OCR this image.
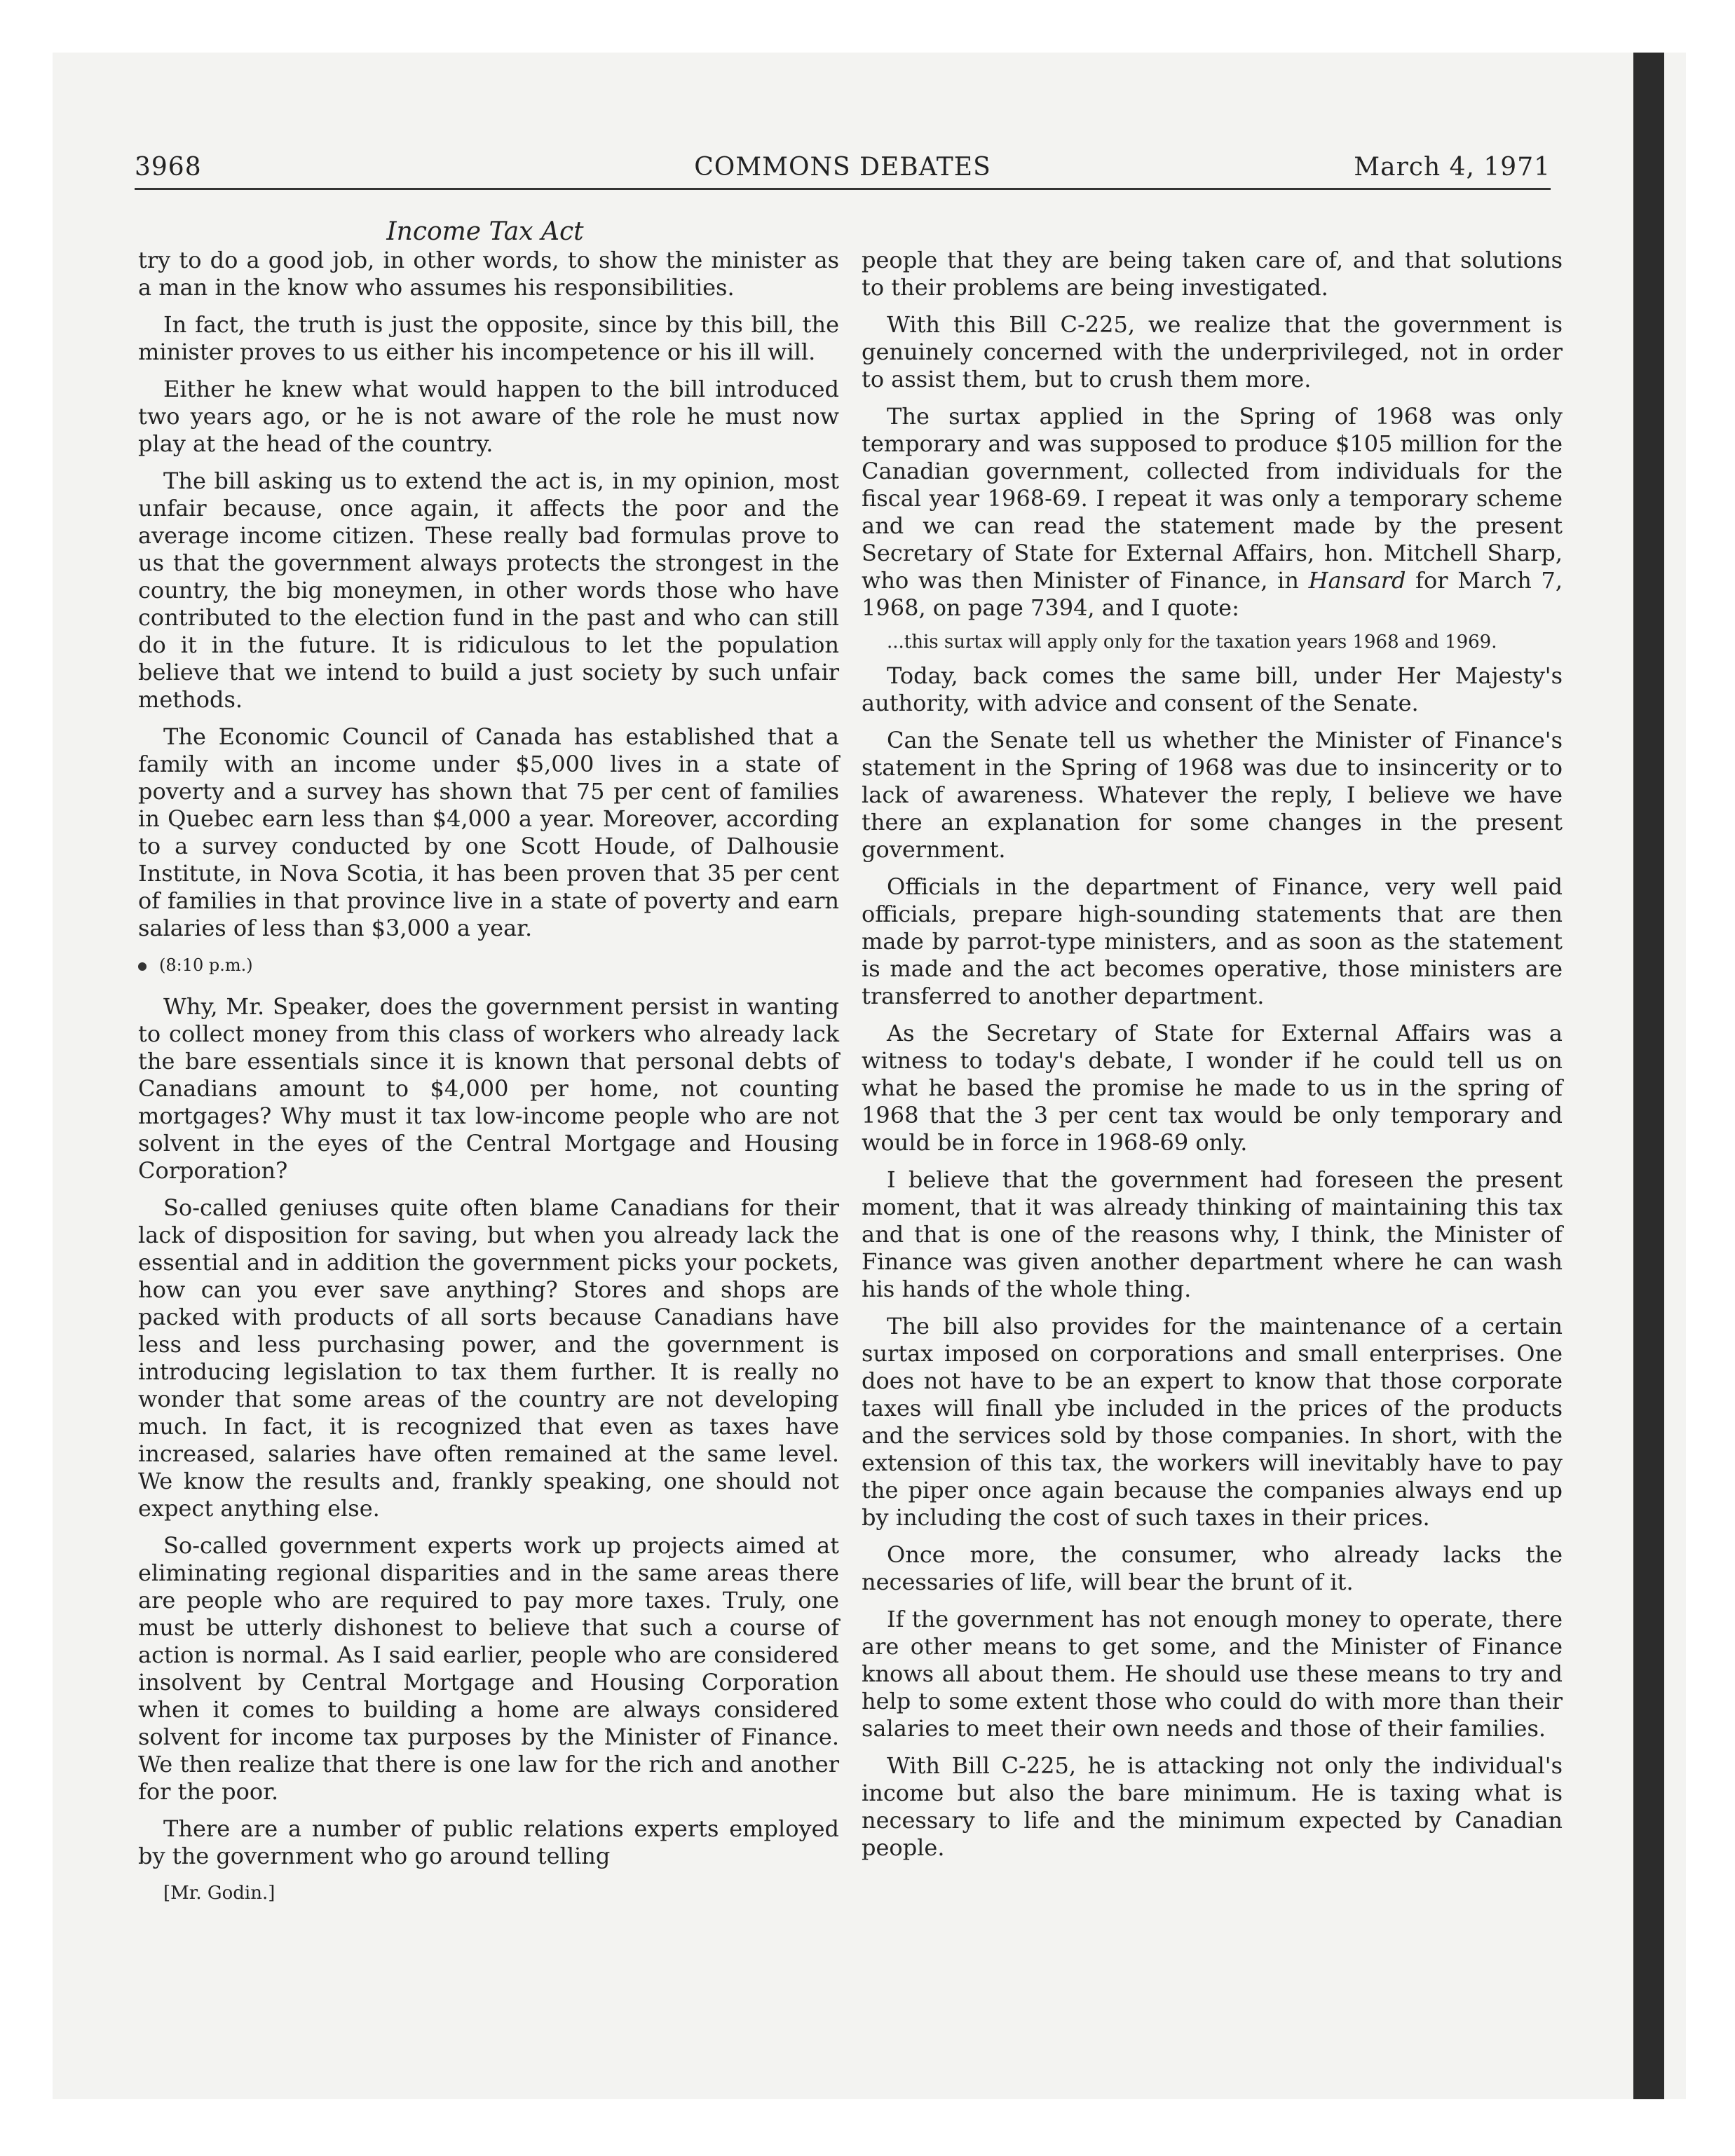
3968	COMMONS DEBATES	March 4, 1971
Income Tax Act

try to do a good job, in other words, to show the minister as a man in the know who assumes his responsibilities.

In fact, the truth is just the opposite, since by this bill, the minister proves to us either his incompetence or his ill will.

Either he knew what would happen to the bill introduced two years ago, or he is not aware of the role he must now play at the head of the country.

The bill asking us to extend the act is, in my opinion, most unfair because, once again, it affects the poor and the average income citizen. These really bad formulas prove to us that the government always protects the strongest in the country, the big moneymen, in other words those who have contributed to the election fund in the past and who can still do it in the future. It is ridiculous to let the population believe that we intend to build a just society by such unfair methods.

The Economic Council of Canada has established that a family with an income under $5,000 lives in a state of poverty and a survey has shown that 75 per cent of families in Quebec earn less than $4,000 a year. Moreover, according to a survey conducted by one Scott Houde, of Dalhousie Institute, in Nova Scotia, it has been proven that 35 per cent of families in that province live in a state of poverty and earn salaries of less than $3,000 a year.

(8:10 p.m.)

Why, Mr. Speaker, does the government persist in wanting to collect money from this class of workers who already lack the bare essentials since it is known that personal debts of Canadians amount to $4,000 per home, not counting mortgages? Why must it tax low-income people who are not solvent in the eyes of the Central Mortgage and Housing Corporation?

So-called geniuses quite often blame Canadians for their lack of disposition for saving, but when you already lack the essential and in addition the government picks your pockets, how can you ever save anything? Stores and shops are packed with products of all sorts because Canadians have less and less purchasing power, and the government is introducing legislation to tax them further. It is really no wonder that some areas of the country are not developing much. In fact, it is recognized that even as taxes have increased, salaries have often remained at the same level. We know the results and, frankly speaking, one should not expect anything else.

So-called government experts work up projects aimed at eliminating regional disparities and in the same areas there are people who are required to pay more taxes. Truly, one must be utterly dishonest to believe that such a course of action is normal. As I said earlier, people who are considered insolvent by Central Mortgage and Housing Corporation when it comes to building a home are always considered solvent for income tax purposes by the Minister of Finance. We then realize that there is one law for the rich and another for the poor.

There are a number of public relations experts employed by the government who go around telling

[Mr. Godin.]

people that they are being taken care of, and that solutions to their problems are being investigated.

With this Bill C-225, we realize that the government is genuinely concerned with the underprivileged, not in order to assist them, but to crush them more.

The surtax applied in the Spring of 1968 was only temporary and was supposed to produce $105 million for the Canadian government, collected from individuals for the fiscal year 1968-69. I repeat it was only a temporary scheme and we can read the statement made by the present Secretary of State for External Affairs, hon. Mitchell Sharp, who was then Minister of Finance, in Hansard for March 7, 1968, on page 7394, and I quote:

...this surtax will apply only for the taxation years 1968 and 1969.

Today, back comes the same bill, under Her Majesty's authority, with advice and consent of the Senate.

Can the Senate tell us whether the Minister of Finance's statement in the Spring of 1968 was due to insincerity or to lack of awareness. Whatever the reply, I believe we have there an explanation for some changes in the present government.

Officials in the department of Finance, very well paid officials, prepare high-sounding statements that are then made by parrot-type ministers, and as soon as the statement is made and the act becomes operative, those ministers are transferred to another department.

As the Secretary of State for External Affairs was a witness to today's debate, I wonder if he could tell us on what he based the promise he made to us in the spring of 1968 that the 3 per cent tax would be only temporary and would be in force in 1968-69 only.

I believe that the government had foreseen the present moment, that it was already thinking of maintaining this tax and that is one of the reasons why, I think, the Minister of Finance was given another department where he can wash his hands of the whole thing.

The bill also provides for the maintenance of a certain surtax imposed on corporations and small enterprises. One does not have to be an expert to know that those corporate taxes will finall ybe included in the prices of the products and the services sold by those companies. In short, with the extension of this tax, the workers will inevitably have to pay the piper once again because the companies always end up by including the cost of such taxes in their prices.

Once more, the consumer, who already lacks the necessaries of life, will bear the brunt of it.

If the government has not enough money to operate, there are other means to get some, and the Minister of Finance knows all about them. He should use these means to try and help to some extent those who could do with more than their salaries to meet their own needs and those of their families.

With Bill C-225, he is attacking not only the individual's income but also the bare minimum. He is taxing what is necessary to life and the minimum expected by Canadian people.
